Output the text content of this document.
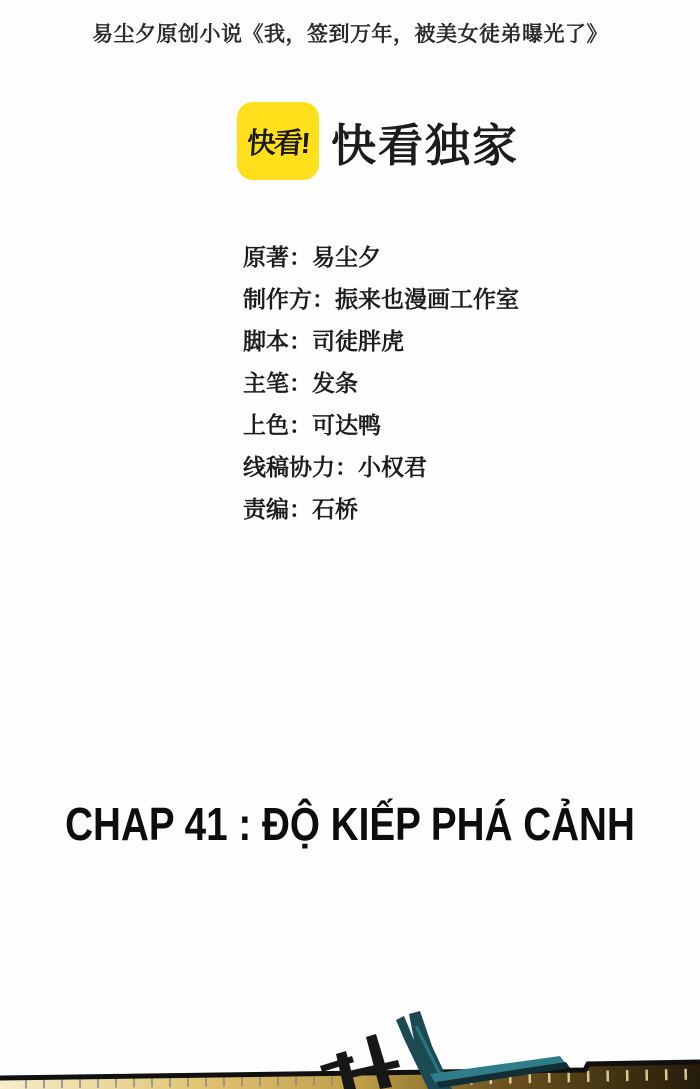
易尘夕原创小说《我，签到万年，被美女徒弟曝光了》
快看! 快看独家
原著：易尘夕
制作方：振来也漫画工作室
脚本：司徒胖虎
主笔：发条
上色：可达鸭
线稿协力：小权君
责编：石桥
CHAP 41 : ĐỘ KIẾP PHÁ CẢNH
